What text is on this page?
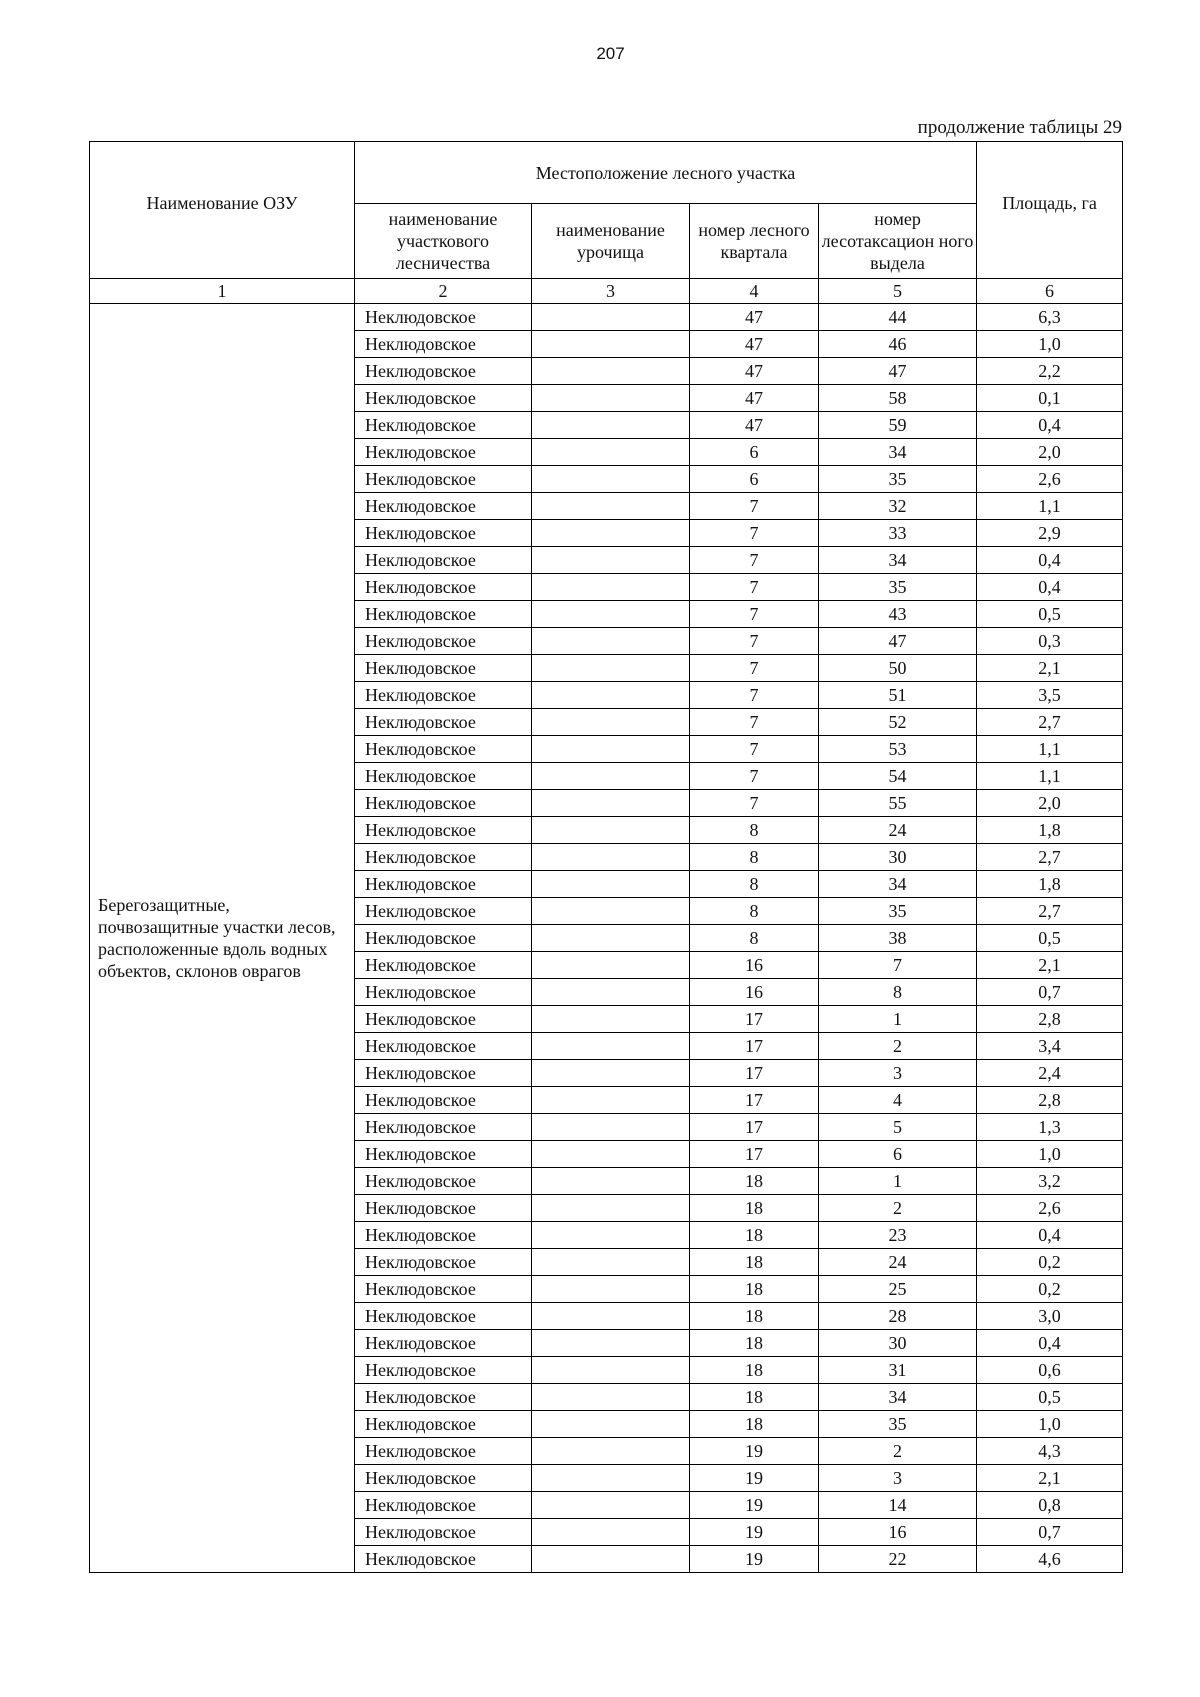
207
продолжение таблицы 29
Наименование ОЗУ	Местоположение лесного участка				Площадь, га
	наименование участкового лесничества	наименование урочища	номер лесного квартала	номер лесотаксацион ного выдела	
1	2	3	4	5	6
Берегозащитные, почвозащитные участки лесов, расположенные вдоль водных объектов, склонов оврагов	Неклюдовское		47	44	6,3
	Неклюдовское		47	46	1,0
	Неклюдовское		47	47	2,2
	Неклюдовское		47	58	0,1
	Неклюдовское		47	59	0,4
	Неклюдовское		6	34	2,0
	Неклюдовское		6	35	2,6
	Неклюдовское		7	32	1,1
	Неклюдовское		7	33	2,9
	Неклюдовское		7	34	0,4
	Неклюдовское		7	35	0,4
	Неклюдовское		7	43	0,5
	Неклюдовское		7	47	0,3
	Неклюдовское		7	50	2,1
	Неклюдовское		7	51	3,5
	Неклюдовское		7	52	2,7
	Неклюдовское		7	53	1,1
	Неклюдовское		7	54	1,1
	Неклюдовское		7	55	2,0
	Неклюдовское		8	24	1,8
	Неклюдовское		8	30	2,7
	Неклюдовское		8	34	1,8
	Неклюдовское		8	35	2,7
	Неклюдовское		8	38	0,5
	Неклюдовское		16	7	2,1
	Неклюдовское		16	8	0,7
	Неклюдовское		17	1	2,8
	Неклюдовское		17	2	3,4
	Неклюдовское		17	3	2,4
	Неклюдовское		17	4	2,8
	Неклюдовское		17	5	1,3
	Неклюдовское		17	6	1,0
	Неклюдовское		18	1	3,2
	Неклюдовское		18	2	2,6
	Неклюдовское		18	23	0,4
	Неклюдовское		18	24	0,2
	Неклюдовское		18	25	0,2
	Неклюдовское		18	28	3,0
	Неклюдовское		18	30	0,4
	Неклюдовское		18	31	0,6
	Неклюдовское		18	34	0,5
	Неклюдовское		18	35	1,0
	Неклюдовское		19	2	4,3
	Неклюдовское		19	3	2,1
	Неклюдовское		19	14	0,8
	Неклюдовское		19	16	0,7
	Неклюдовское		19	22	4,6
